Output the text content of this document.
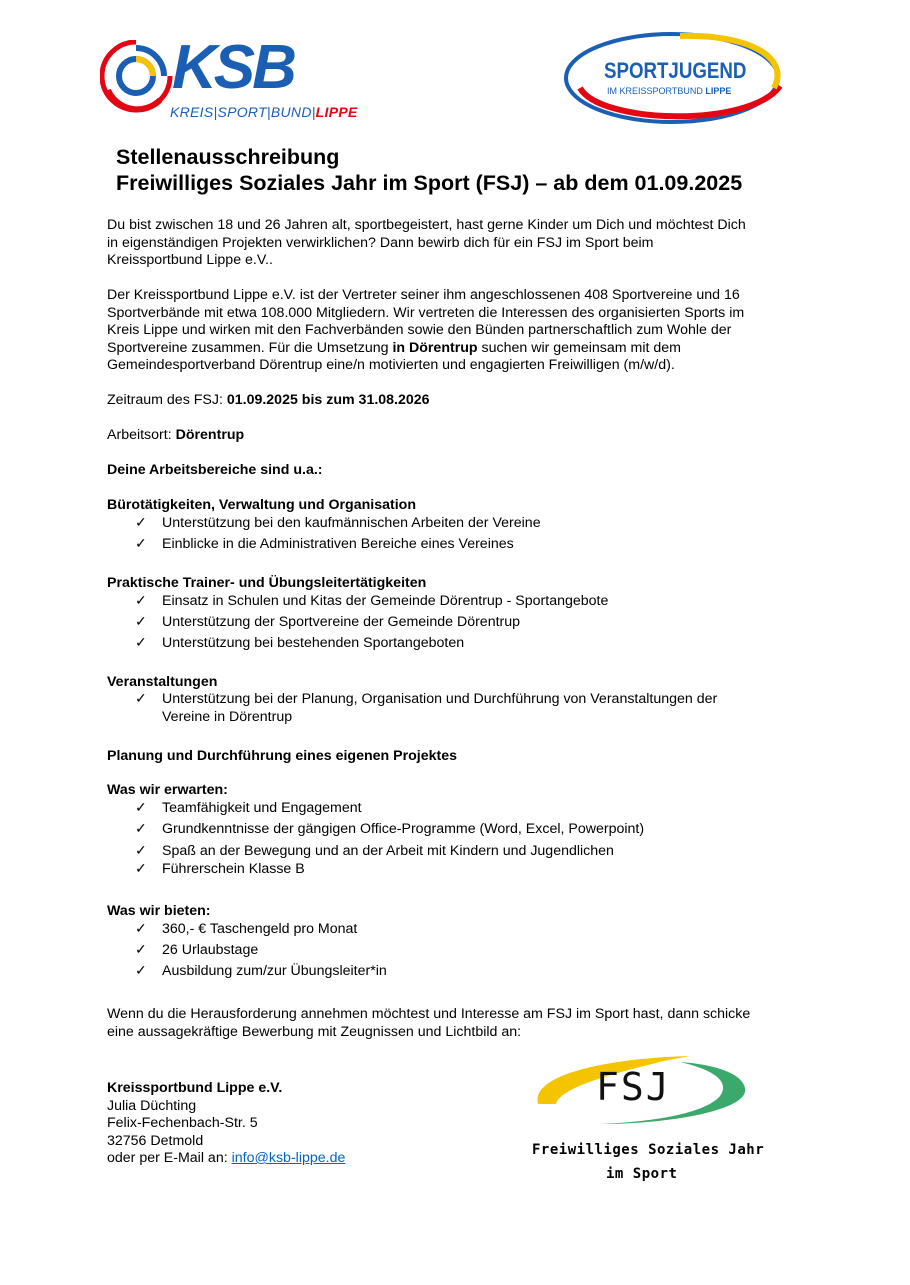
KSB
KREIS|SPORT|BUND|LIPPE
SPORTJUGEND
IM KREISSPORTBUND LIPPE
Stellenausschreibung
Freiwilliges Soziales Jahr im Sport (FSJ) – ab dem 01.09.2025
Du bist zwischen 18 und 26 Jahren alt, sportbegeistert, hast gerne Kinder um Dich und möchtest Dich
in eigenständigen Projekten verwirklichen? Dann bewirb dich für ein FSJ im Sport beim
Kreissportbund Lippe e.V..
Der Kreissportbund Lippe e.V. ist der Vertreter seiner ihm angeschlossenen 408 Sportvereine und 16
Sportverbände mit etwa 108.000 Mitgliedern. Wir vertreten die Interessen des organisierten Sports im
Kreis Lippe und wirken mit den Fachverbänden sowie den Bünden partnerschaftlich zum Wohle der
Sportvereine zusammen. Für die Umsetzung in Dörentrup suchen wir gemeinsam mit dem
Gemeindesportverband Dörentrup eine/n motivierten und engagierten Freiwilligen (m/w/d).
Zeitraum des FSJ: 01.09.2025 bis zum 31.08.2026
Arbeitsort: Dörentrup
Deine Arbeitsbereiche sind u.a.:
Bürotätigkeiten, Verwaltung und Organisation
✓ Unterstützung bei den kaufmännischen Arbeiten der Vereine
✓ Einblicke in die Administrativen Bereiche eines Vereines
Praktische Trainer- und Übungsleitertätigkeiten
✓ Einsatz in Schulen und Kitas der Gemeinde Dörentrup - Sportangebote
✓ Unterstützung der Sportvereine der Gemeinde Dörentrup
✓ Unterstützung bei bestehenden Sportangeboten
Veranstaltungen
✓ Unterstützung bei der Planung, Organisation und Durchführung von Veranstaltungen der
Vereine in Dörentrup
Planung und Durchführung eines eigenen Projektes
Was wir erwarten:
✓ Teamfähigkeit und Engagement
✓ Grundkenntnisse der gängigen Office-Programme (Word, Excel, Powerpoint)
✓ Spaß an der Bewegung und an der Arbeit mit Kindern und Jugendlichen
✓ Führerschein Klasse B
Was wir bieten:
✓ 360,- € Taschengeld pro Monat
✓ 26 Urlaubstage
✓ Ausbildung zum/zur Übungsleiter*in
Wenn du die Herausforderung annehmen möchtest und Interesse am FSJ im Sport hast, dann schicke
eine aussagekräftige Bewerbung mit Zeugnissen und Lichtbild an:
Kreissportbund Lippe e.V.
Julia Düchting
Felix-Fechenbach-Str. 5
32756 Detmold
oder per E-Mail an: info@ksb-lippe.de
FSJ
Freiwilliges Soziales Jahr
im Sport
